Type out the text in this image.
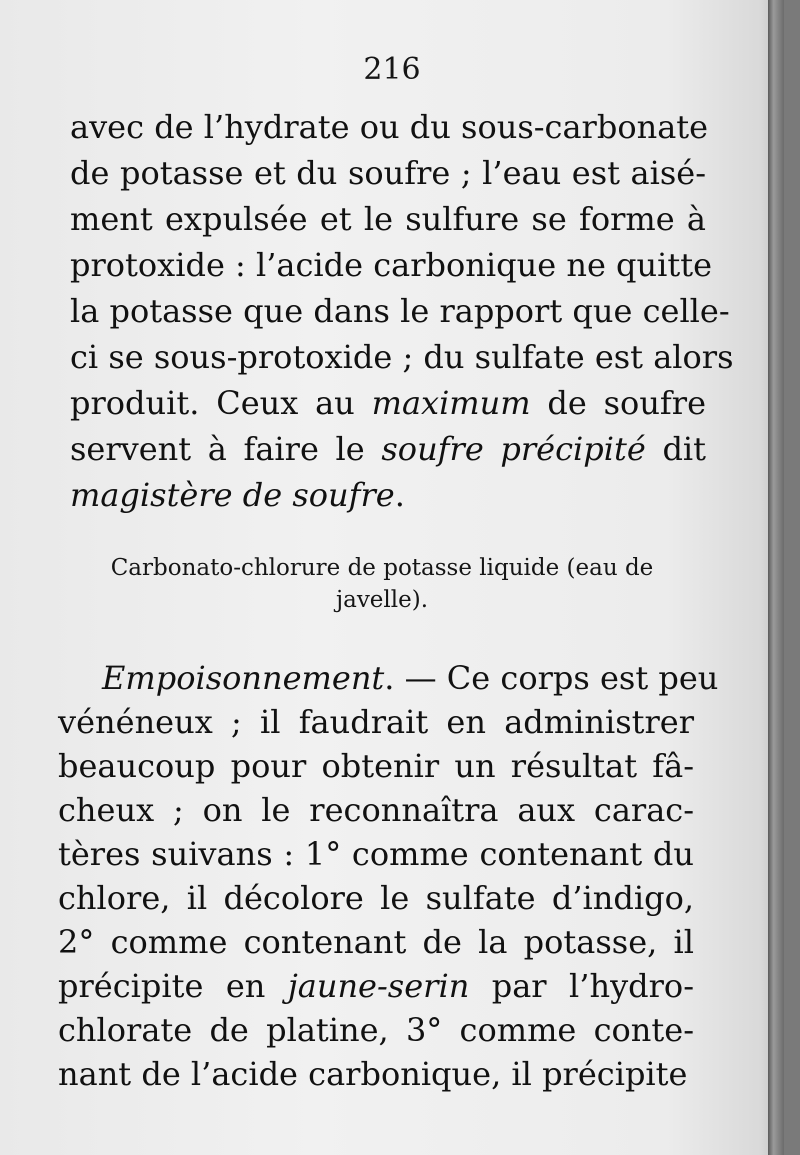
216
avec de l’hydrate ou du sous-carbonate
de potasse et du soufre ; l’eau est aisé-
ment expulsée et le sulfure se forme à
protoxide : l’acide carbonique ne quitte
la potasse que dans le rapport que celle-
ci se sous-protoxide ; du sulfate est alors
produit. Ceux au maximum de soufre
servent à faire le soufre précipité dit
magistère de soufre.
Carbonato-chlorure de potasse liquide (eau de
javelle).
Empoisonnement. — Ce corps est peu
vénéneux ; il faudrait en administrer
beaucoup pour obtenir un résultat fâ-
cheux ; on le reconnaîtra aux carac-
tères suivans : 1° comme contenant du
chlore, il décolore le sulfate d’indigo,
2° comme contenant de la potasse, il
précipite en jaune-serin par l’hydro-
chlorate de platine, 3° comme conte-
nant de l’acide carbonique, il précipite
